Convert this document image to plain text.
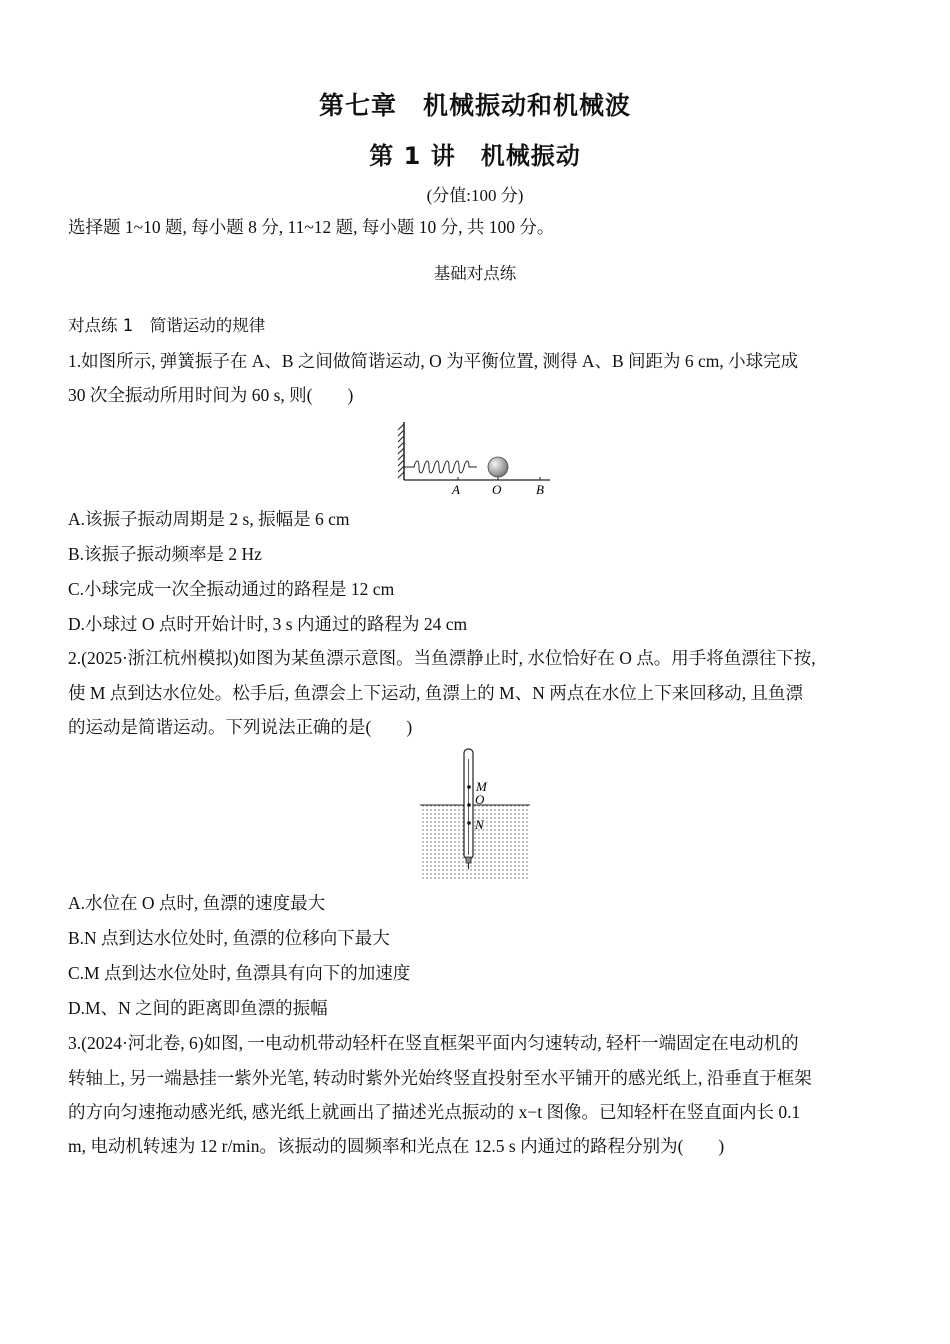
第七章　机械振动和机械波
第 1 讲　机械振动
(分值:100 分)
选择题 1~10 题, 每小题 8 分, 11~12 题, 每小题 10 分, 共 100 分。
基础对点练
对点练 1　简谐运动的规律
1.如图所示, 弹簧振子在 A、B 之间做简谐运动, O 为平衡位置, 测得 A、B 间距为 6 cm, 小球完成
30 次全振动所用时间为 60 s, 则(　　)
A O	B
A.该振子振动周期是 2 s, 振幅是 6 cm
B.该振子振动频率是 2 Hz
C.小球完成一次全振动通过的路程是 12 cm
D.小球过 O 点时开始计时, 3 s 内通过的路程为 24 cm
2.(2025·浙江杭州模拟)如图为某鱼漂示意图。当鱼漂静止时, 水位恰好在 O 点。用手将鱼漂往下按,
使 M 点到达水位处。松手后, 鱼漂会上下运动, 鱼漂上的 M、N 两点在水位上下来回移动, 且鱼漂
的运动是简谐运动。下列说法正确的是(　　)
M
O
N
A.水位在 O 点时, 鱼漂的速度最大
B.N 点到达水位处时, 鱼漂的位移向下最大
C.M 点到达水位处时, 鱼漂具有向下的加速度
D.M、N 之间的距离即鱼漂的振幅
3.(2024·河北卷, 6)如图, 一电动机带动轻杆在竖直框架平面内匀速转动, 轻杆一端固定在电动机的
转轴上, 另一端悬挂一紫外光笔, 转动时紫外光始终竖直投射至水平铺开的感光纸上, 沿垂直于框架
的方向匀速拖动感光纸, 感光纸上就画出了描述光点振动的 x−t 图像。已知轻杆在竖直面内长 0.1
m, 电动机转速为 12 r/min。该振动的圆频率和光点在 12.5 s 内通过的路程分别为(　　)
